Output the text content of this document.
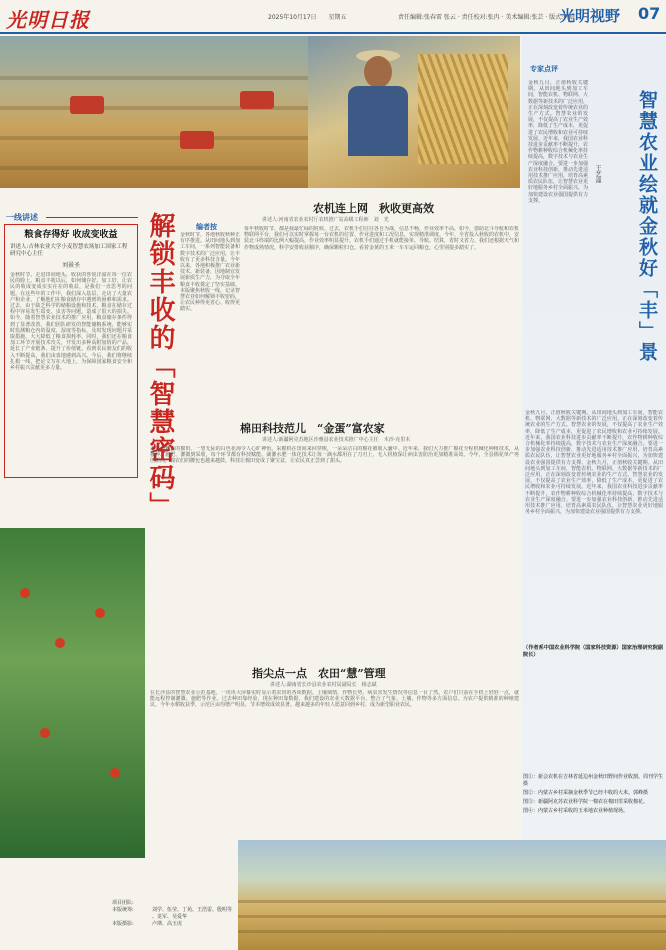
光明日报	2025年10月17日 星期五	责任编辑:张春雷 张云 · 责任校对:张冉 · 美术编辑:张芸 · 版式:林晨
光明视野 07
一线讲述
粮食存得好 收成变收益
讲述人:吉林农业大学小麦智慧农场加工国家工程研究中心主任
刘景圣
金秋时节，走进田间地头，收获的喜悦洋溢在每一位农民的脸上。粮食丰收以后，如何储存好、加工好，让农民的收成变成实实在在的收益，是我们一直思考的问题。在这些年的工作中，我们深入基层，走访了大量农户和企业，了解他们在粮食储存中遇到的困难和需求。过去，由于缺乏科学的储粮设施和技术，粮食在储存过程中容易发生霉变、虫害等问题，造成了很大的损失。如今，随着智慧农业技术的推广应用，粮食储存条件得到了显著改善。我们团队研发的智能储粮系统，能够实时监测粮仓内的温度、湿度等指标，及时发现问题并采取措施，大大降低了粮食损耗率。同时，我们还在粮食加工环节开展技术攻关，开发出多种高附加值的产品，延长了产业链条，提升了价值链。看到农民朋友们的收入不断提高，我们由衷地感到高兴。今后，我们将继续扎根一线，把论文写在大地上，为保障国家粮食安全和乡村振兴贡献更多力量。	解锁丰收的「智慧密码」	编者按
金秋时节，各地秋收秋种正有序推进。从田间地头到加工车间，一系列智能装备和数字技术的广泛应用，让丰收有了更多科技含量。今年以来，各地积极推广农业新技术、新装备，因地制宜发展新质生产力，为夺取全年粮食丰收奠定了坚实基础。本版聚焦秋收一线，记录智慧农业如何解锁丰收密码，让农民种得更省心、收得更踏实。
农机连上网　秋收更高效
讲述人:河南省农业农村厅农机推广站高级工程师　刘　光
每年秋收时节，都是我最忙碌的时候。过去，农机手们往往各自为战，信息不畅，作业效率不高。如今，借助北斗导航和农机物联网平台，我们可以实时掌握每一台农机的位置、作业进度和工况信息，实现精准调度。今年，全省投入秋收的农机中，安装北斗终端的比例大幅提高，作业效率明显提升。农机手们通过手机就能接单、导航、结算，省时又省力。我们还根据天气和作物成熟情况，科学安排收获顺序，确保颗粒归仓。看着金黄的玉米一车车运回粮仓，心里别提多踏实了。
棉田科技范儿　“金蛋”富农家
讲述人:新疆阿克苏地区沙雅县农业技术推广中心主任　木沙·克里木
走进沙雅县的棉田，一望无际的白色花海令人心旷神怡。采棉机在田间来回穿梭，一朵朵洁白的棉花被收入囊中。近年来，我们大力推广棉花全程机械化种植技术，从播种、施肥、灌溉到采收，每个环节都有科技赋能。滴灌水肥一体化技术让每一滴水都用在了刀刃上，无人机植保让病虫害防治更加精准高效。今年，全县棉花单产再创新高，棉农们的腰包也越来越鼓。科技让棉田变成了聚宝盆，让农民真正尝到了甜头。
指尖点一点　农田“慧”管理
讲述人:湖南省长沙县农业农村局副局长　杨志斌
在长沙县的智慧农业示范基地，一块块大屏幕实时显示着农田的各项数据。土壤墒情、作物长势、病虫害发生情况等信息一目了然。农户们只需在手机上轻轻一点，就能远程控制灌溉、施肥等作业。过去种田靠经验，现在种田靠数据。我们建设的农业大数据平台，整合了气象、土壤、作物等多方面信息，为农户提供精准的种植建议。今年水稻收获季，示范区亩均增产明显，节本增效成效显著。越来越多的年轻人愿意回到乡村，成为新型职业农民。
专家点评
智慧农业绘就金秋好「丰」景
王艺潼
金秋九月，正值秋收关键期。从田间地头到加工车间，智能农机、物联网、大数据等新技术的广泛应用，正在深刻改变着传统农业的生产方式。智慧农业的发展，不仅提高了农业生产效率，降低了生产成本，更促进了农民增收和农业可持续发展。近年来，我国农业科技进步贡献率不断提升，农作物耕种收综合机械化率持续提高，数字技术与农业生产深度融合。要进一步加强农业科技创新，推动先进适用技术推广应用，培育高素质农民队伍，让智慧农业更好地服务乡村全面振兴，为加快建设农业强国提供有力支撑。
金秋九月，正值秋收关键期。从田间地头到加工车间，智能农机、物联网、大数据等新技术的广泛应用，正在深刻改变着传统农业的生产方式。智慧农业的发展，不仅提高了农业生产效率，降低了生产成本，更促进了农民增收和农业可持续发展。近年来，我国农业科技进步贡献率不断提升，农作物耕种收综合机械化率持续提高，数字技术与农业生产深度融合。要进一步加强农业科技创新，推动先进适用技术推广应用，培育高素质农民队伍，让智慧农业更好地服务乡村全面振兴，为加快建设农业强国提供有力支撑。金秋九月，正值秋收关键期。从田间地头到加工车间，智能农机、物联网、大数据等新技术的广泛应用，正在深刻改变着传统农业的生产方式。智慧农业的发展，不仅提高了农业生产效率，降低了生产成本，更促进了农民增收和农业可持续发展。近年来，我国农业科技进步贡献率不断提升，农作物耕种收综合机械化率持续提高，数字技术与农业生产深度融合。要进一步加强农业科技创新，推动先进适用技术推广应用，培育高素质农民队伍，让智慧农业更好地服务乡村全面振兴，为加快建设农业强国提供有力支撑。
（作者系中国农业科学院（国家科技资源）国家治理研究院副院长）
图①：新会农机在吉林省延边州金秋田野间作业收割。周刊学生摄
图②：内蒙古乡村采摘金秋季节已经丰收的大米。郭峰摄
图③：新疆阿克苏农业科学院一棉农在棉田里采收棉花。
图④：内蒙古乡村采收的玉米地农业种植现场。
项目团队:
本版统筹:	刘学、伍莹、丁苑、王浩雷、殷明等
、龙军、吴爱华
本版摄影:	卢瑛、高玉虎
